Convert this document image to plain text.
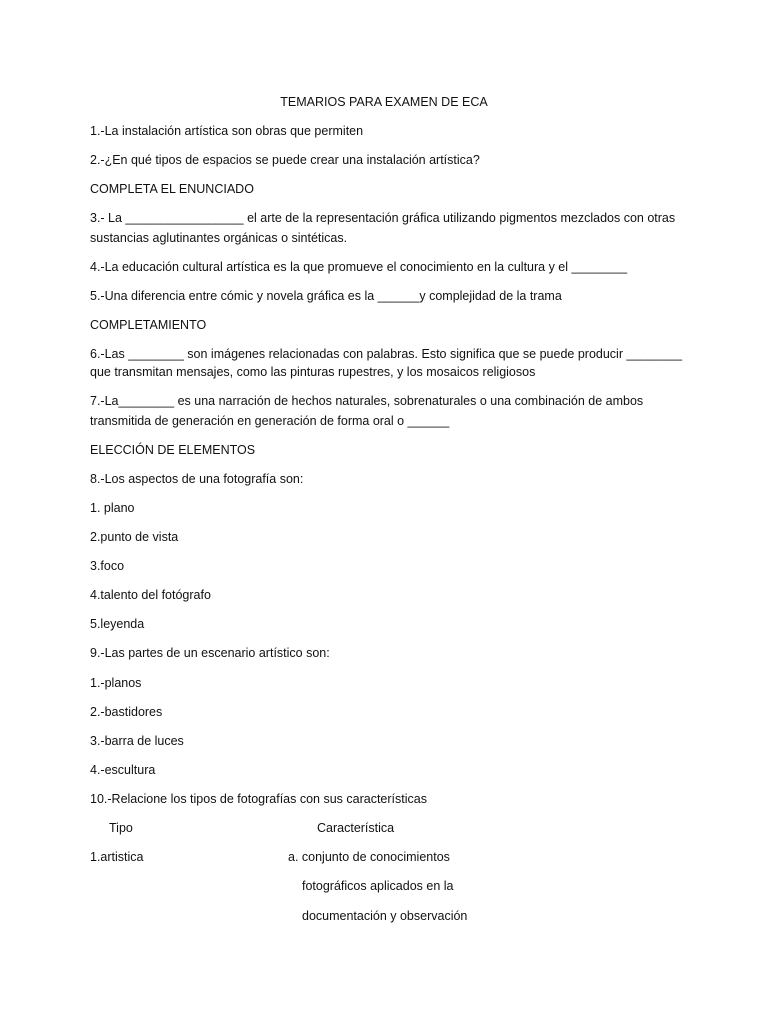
TEMARIOS PARA EXAMEN DE ECA
1.-La instalación artística son obras que permiten
2.-¿En qué tipos de espacios se puede crear una instalación artística?
COMPLETA EL ENUNCIADO
3.- La _________________ el arte de la representación gráfica utilizando pigmentos mezclados con otras
sustancias aglutinantes orgánicas o sintéticas.
4.-La educación cultural artística es la que promueve el conocimiento en la cultura y el ________
5.-Una diferencia entre cómic y novela gráfica es la ______y complejidad de la trama
COMPLETAMIENTO
6.-Las ________ son imágenes relacionadas con palabras. Esto significa que se puede producir ________
que transmitan mensajes, como las pinturas rupestres, y los mosaicos religiosos
7.-La________ es una narración de hechos naturales, sobrenaturales o una combinación de ambos
transmitida de generación en generación de forma oral o ______
ELECCIÓN DE ELEMENTOS
8.-Los aspectos de una fotografía son:
1. plano
2.punto de vista
3.foco
4.talento del fotógrafo
5.leyenda
9.-Las partes de un escenario artístico son:
1.-planos
2.-bastidores
3.-barra de luces
4.-escultura
10.-Relacione los tipos de fotografías con sus características
Tipo	Característica
1.artistica	a. conjunto de conocimientos
fotográficos aplicados en la
documentación y observación
